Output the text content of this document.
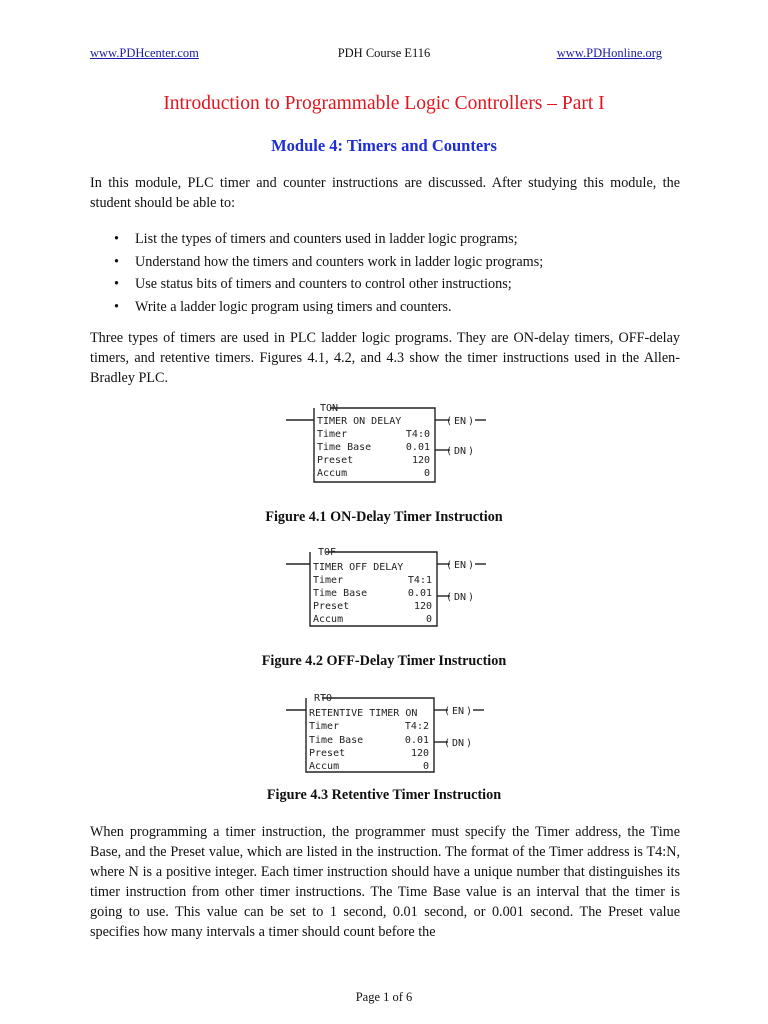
PDH Course E116
www.PDHcenter.com	www.PDHonline.org
Introduction to Programmable Logic Controllers – Part I
Module 4: Timers and Counters

In this module, PLC timer and counter instructions are discussed. After studying this module, the student should be able to:

• List the types of timers and counters used in ladder logic programs;
• Understand how the timers and counters work in ladder logic programs;
• Use status bits of timers and counters to control other instructions;
• Write a ladder logic program using timers and counters.

Three types of timers are used in PLC ladder logic programs. They are ON-delay timers, OFF-delay timers, and retentive timers. Figures 4.1, 4.2, and 4.3 show the timer instructions used in the Allen-Bradley PLC.

TON
TIMER ON DELAY
Timer	T4:0
Time Base	0.01
Preset	120
Accum	0
( EN )
( DN )
Figure 4.1 ON-Delay Timer Instruction
TOF
TIMER OFF DELAY
Timer	T4:1
Time Base	0.01
Preset	120
Accum	0
( EN )
( DN )
Figure 4.2 OFF-Delay Timer Instruction
RTO
RETENTIVE TIMER ON
Timer	T4:2
Time Base	0.01
Preset	120
Accum	0
( EN )
( DN )
Figure 4.3 Retentive Timer Instruction

When programming a timer instruction, the programmer must specify the Timer address, the Time Base, and the Preset value, which are listed in the instruction. The format of the Timer address is T4:N, where N is a positive integer. Each timer instruction should have a unique number that distinguishes its timer instruction from other timer instructions. The Time Base value is an interval that the timer is going to use. This value can be set to 1 second, 0.01 second, or 0.001 second. The Preset value specifies how many intervals a timer should count before the

Page 1 of 6
